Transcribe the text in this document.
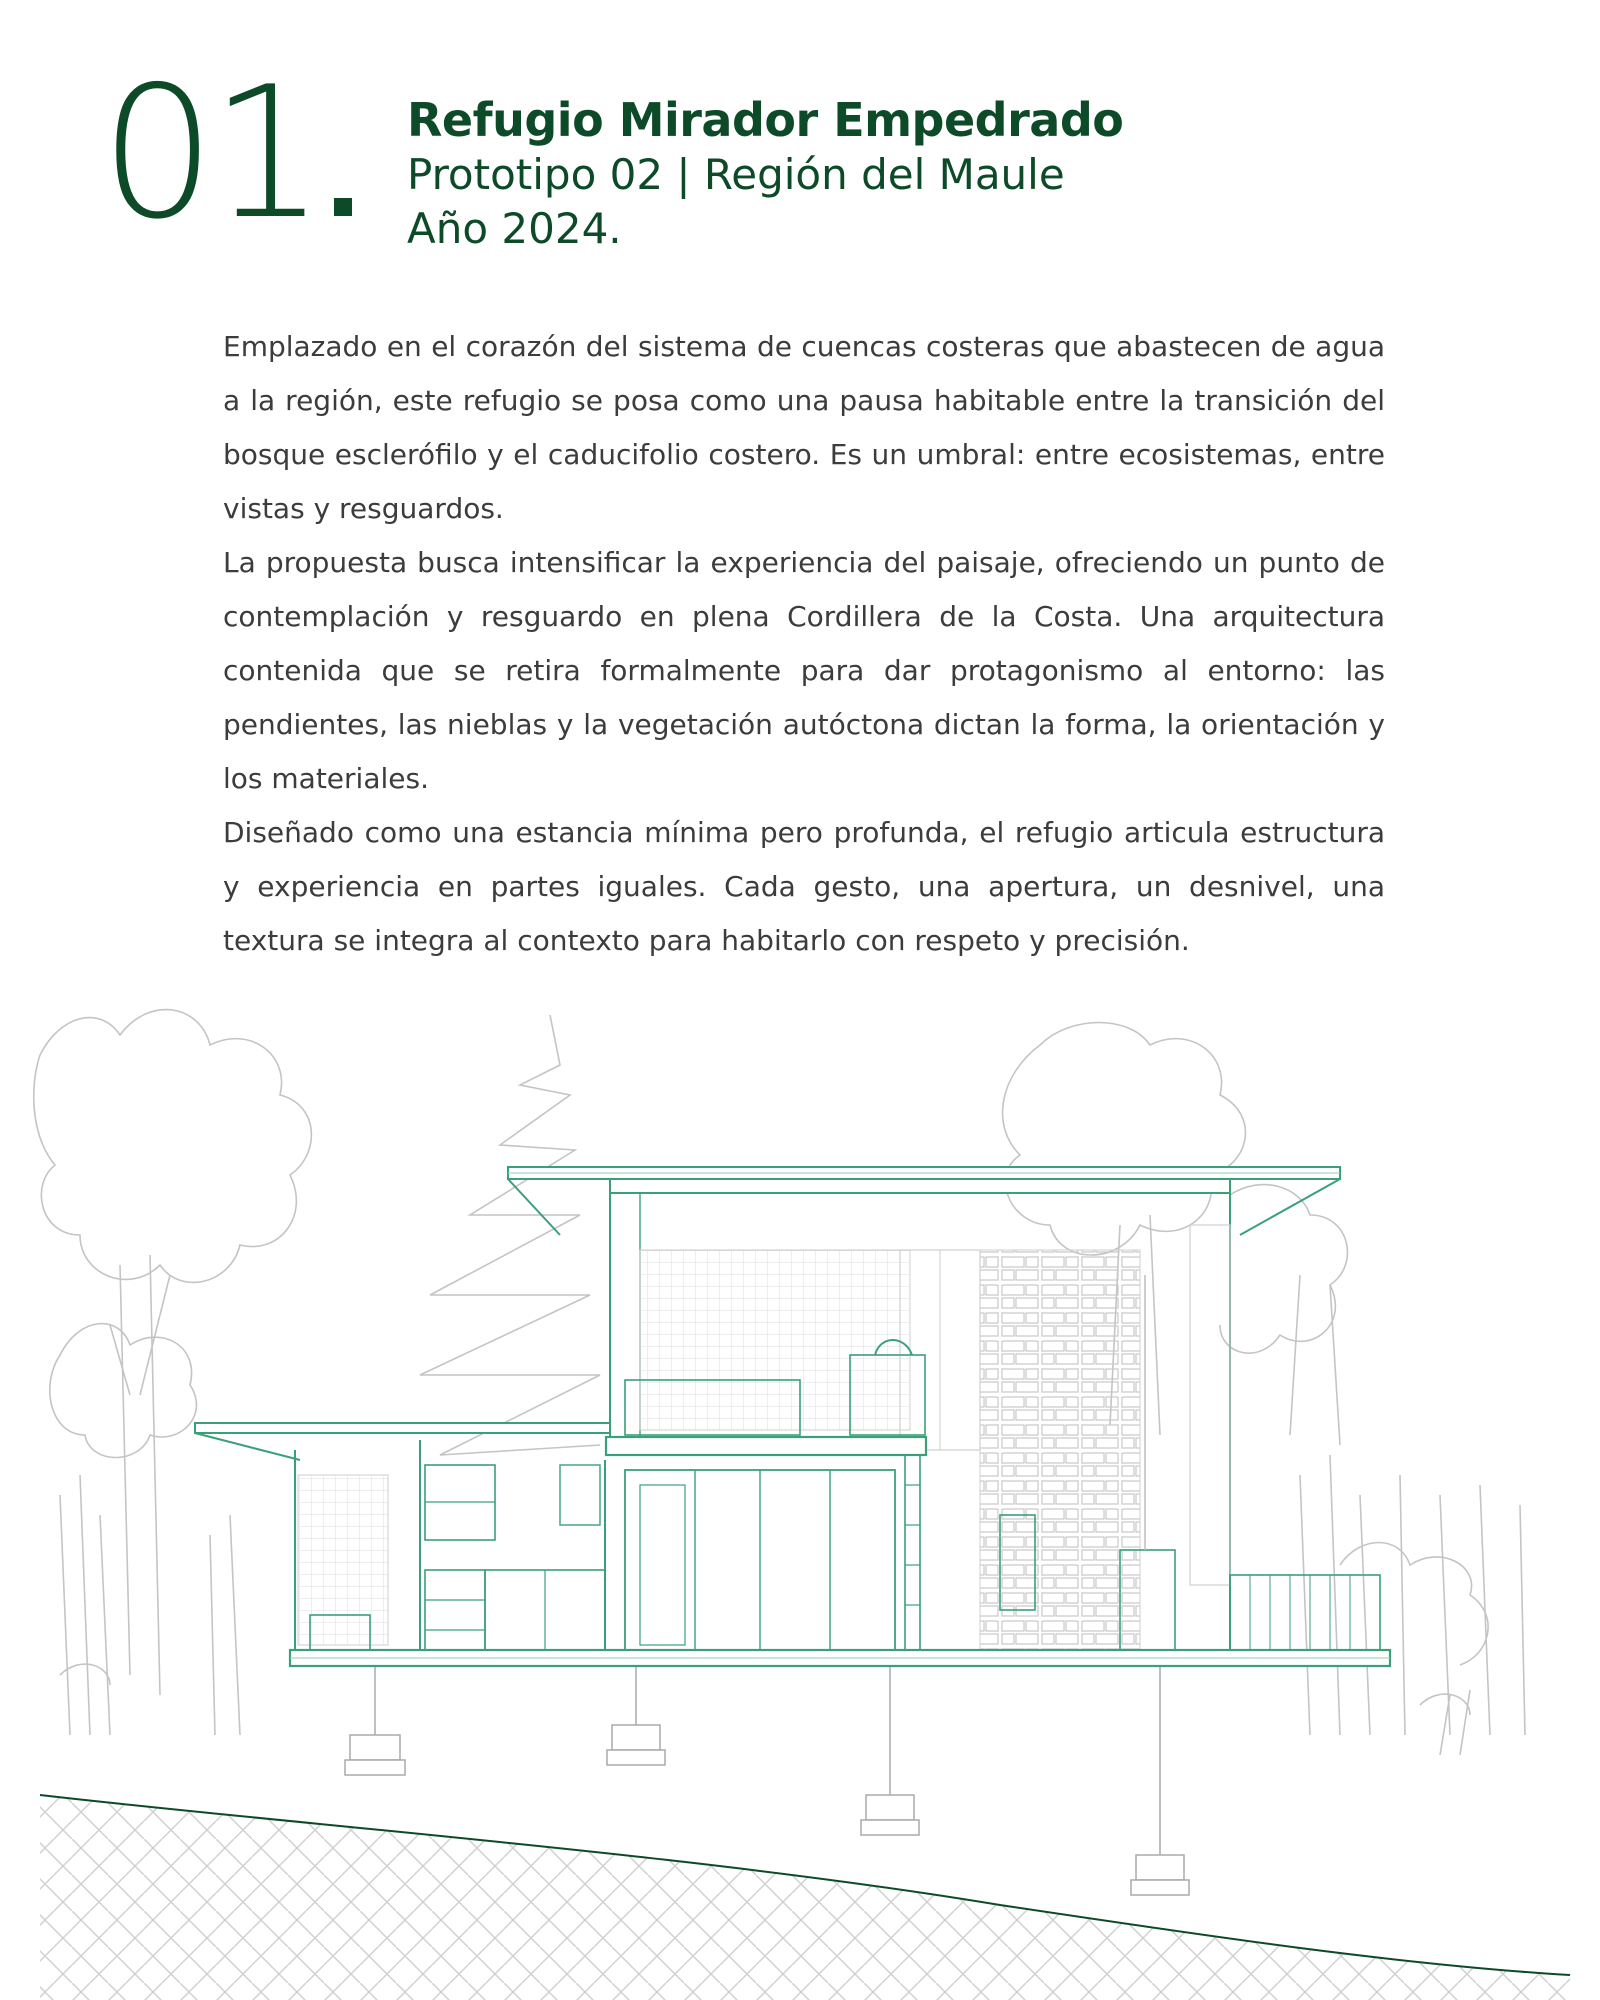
01	Refugio Mirador Empedrado
Prototipo 02 | Región del Maule
Año 2024.

Emplazado en el corazón del sistema de cuencas costeras que abastecen de agua a la región, este refugio se posa como una pausa habitable entre la transición del bosque esclerófilo y el caducifolio costero. Es un umbral: entre ecosistemas, entre vistas y resguardos.

La propuesta busca intensificar la experiencia del paisaje, ofreciendo un punto de contemplación y resguardo en plena Cordillera de la Costa. Una arquitectura contenida que se retira formalmente para dar protagonismo al entorno: las pendientes, las nieblas y la vegetación autóctona dictan la forma, la orientación y los materiales.

Diseñado como una estancia mínima pero profunda, el refugio articula estructura y experiencia en partes iguales. Cada gesto, una apertura, un desnivel, una textura se integra al contexto para habitarlo con respeto y precisión.
